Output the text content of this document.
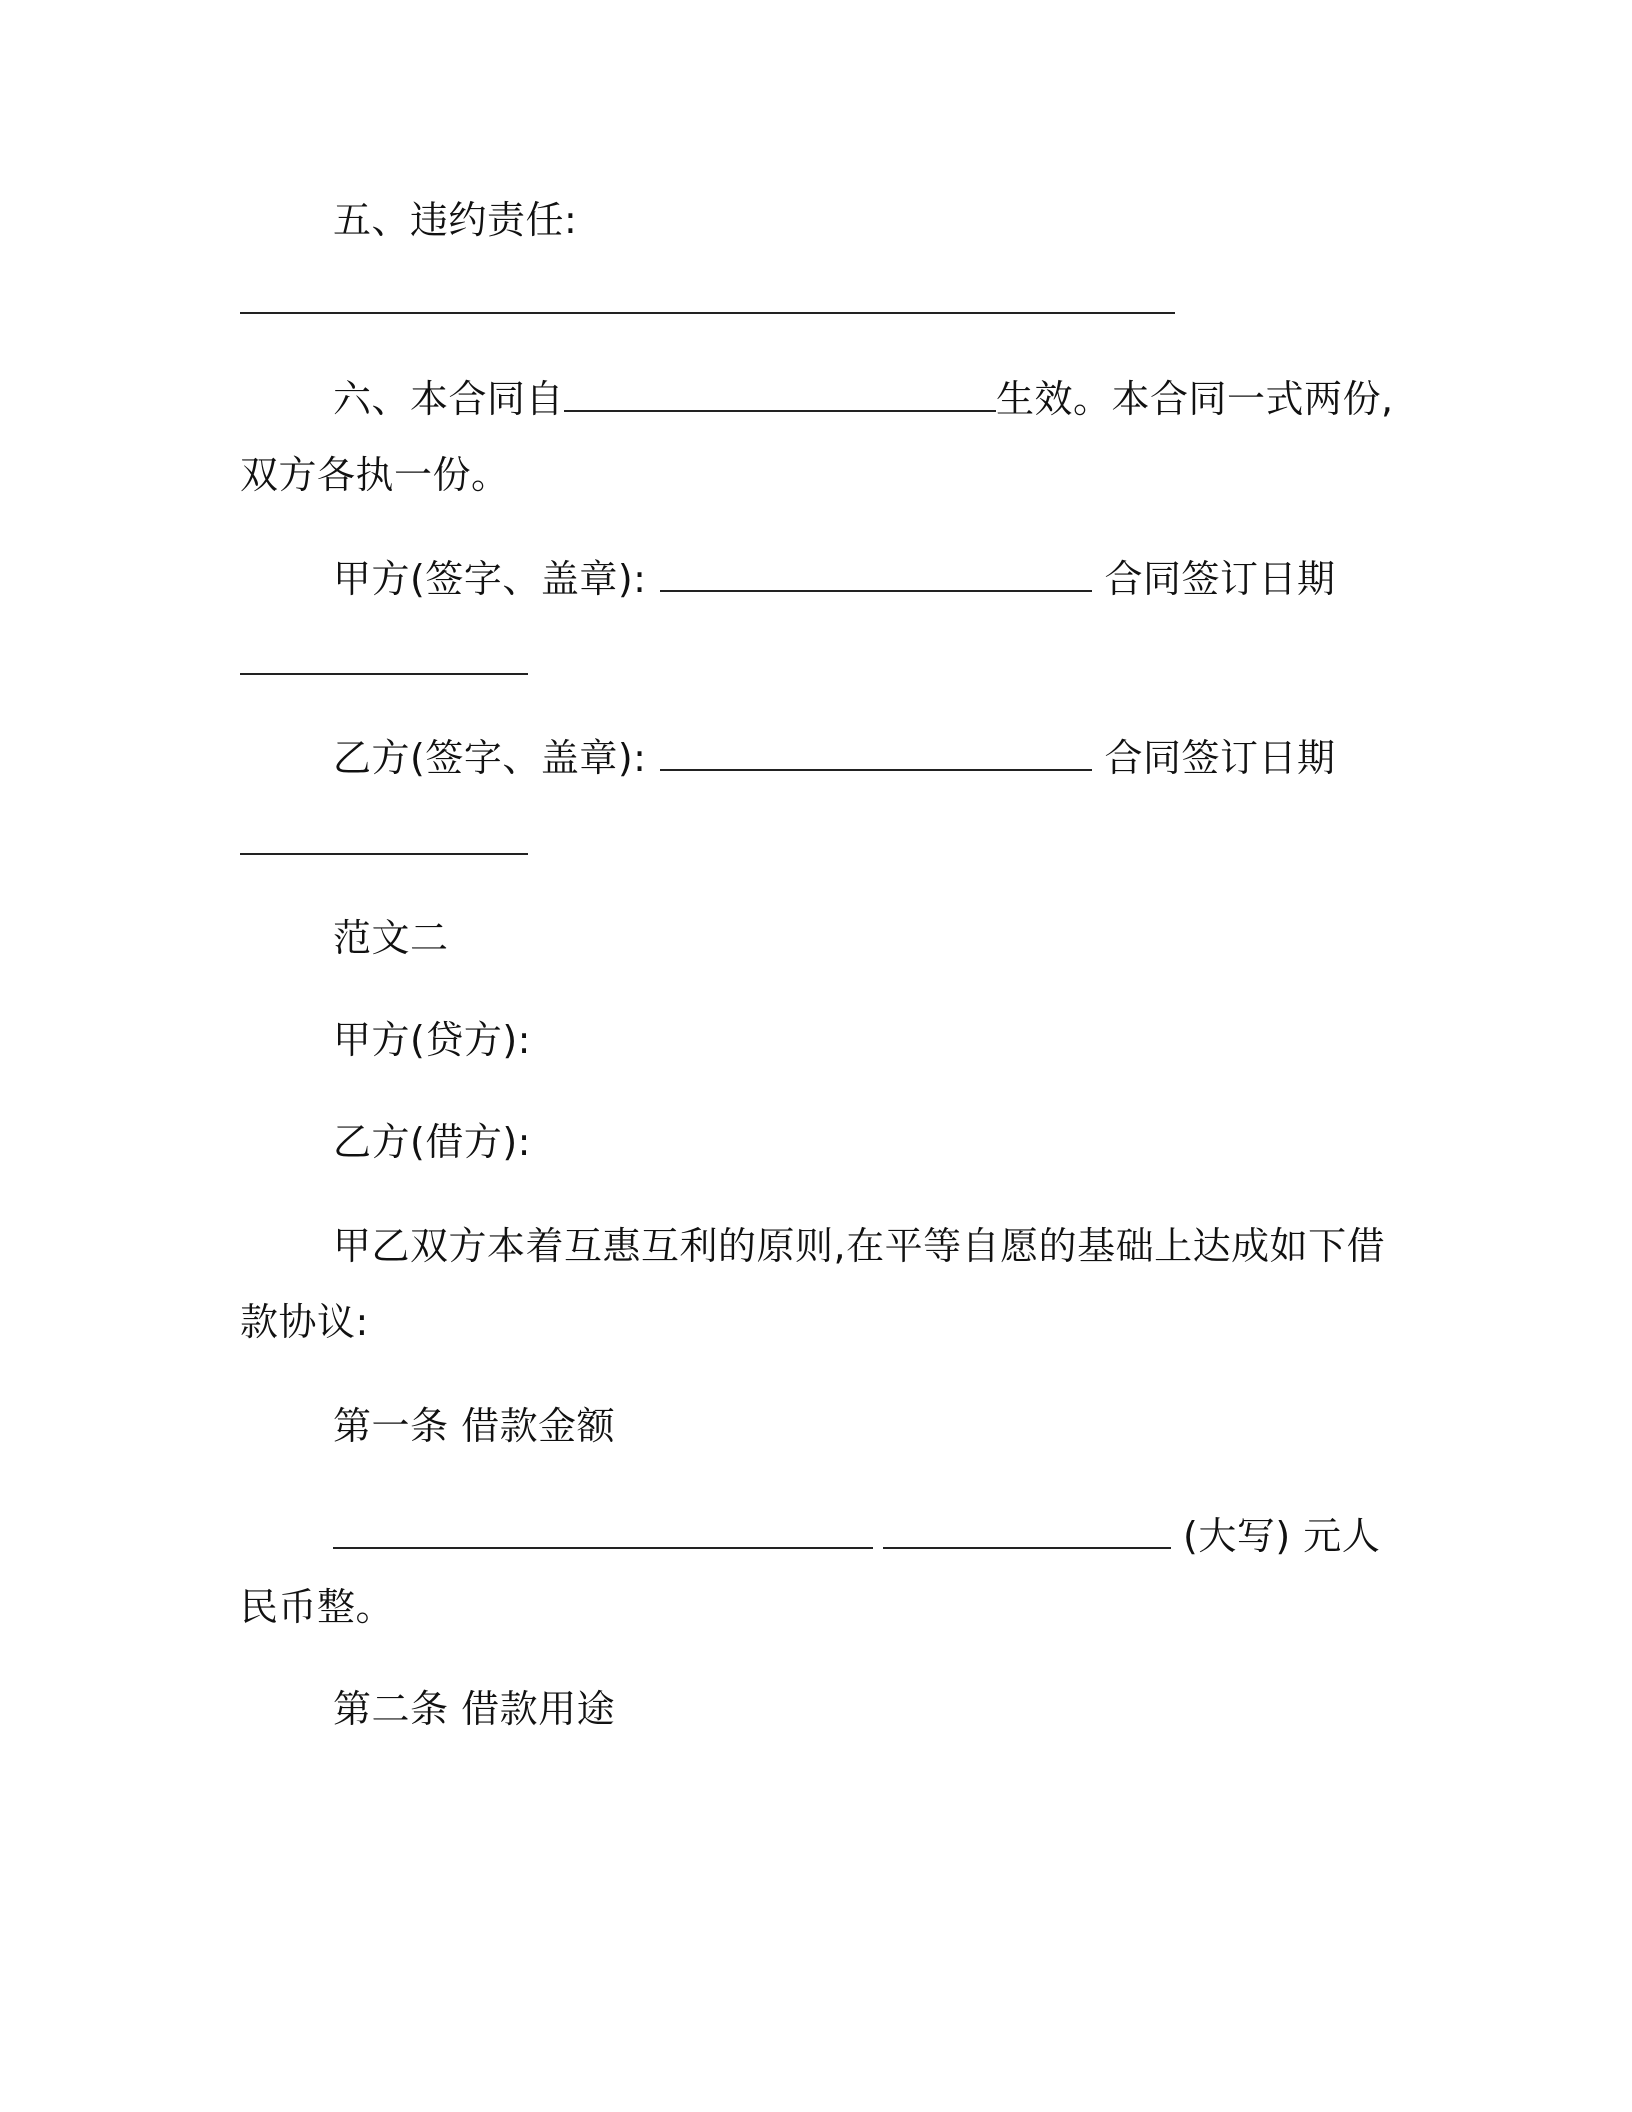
五、违约责任:
六、本合同自	生效。本合同一式两份,
双方各执一份。
甲方(签字、盖章):	合同签订日期
乙方(签字、盖章):	合同签订日期
范文二
甲方(贷方):
乙方(借方):
甲乙双方本着互惠互利的原则,在平等自愿的基础上达成如下借
款协议:
第一条 借款金额
(大写) 元人
民币整。
第二条 借款用途
